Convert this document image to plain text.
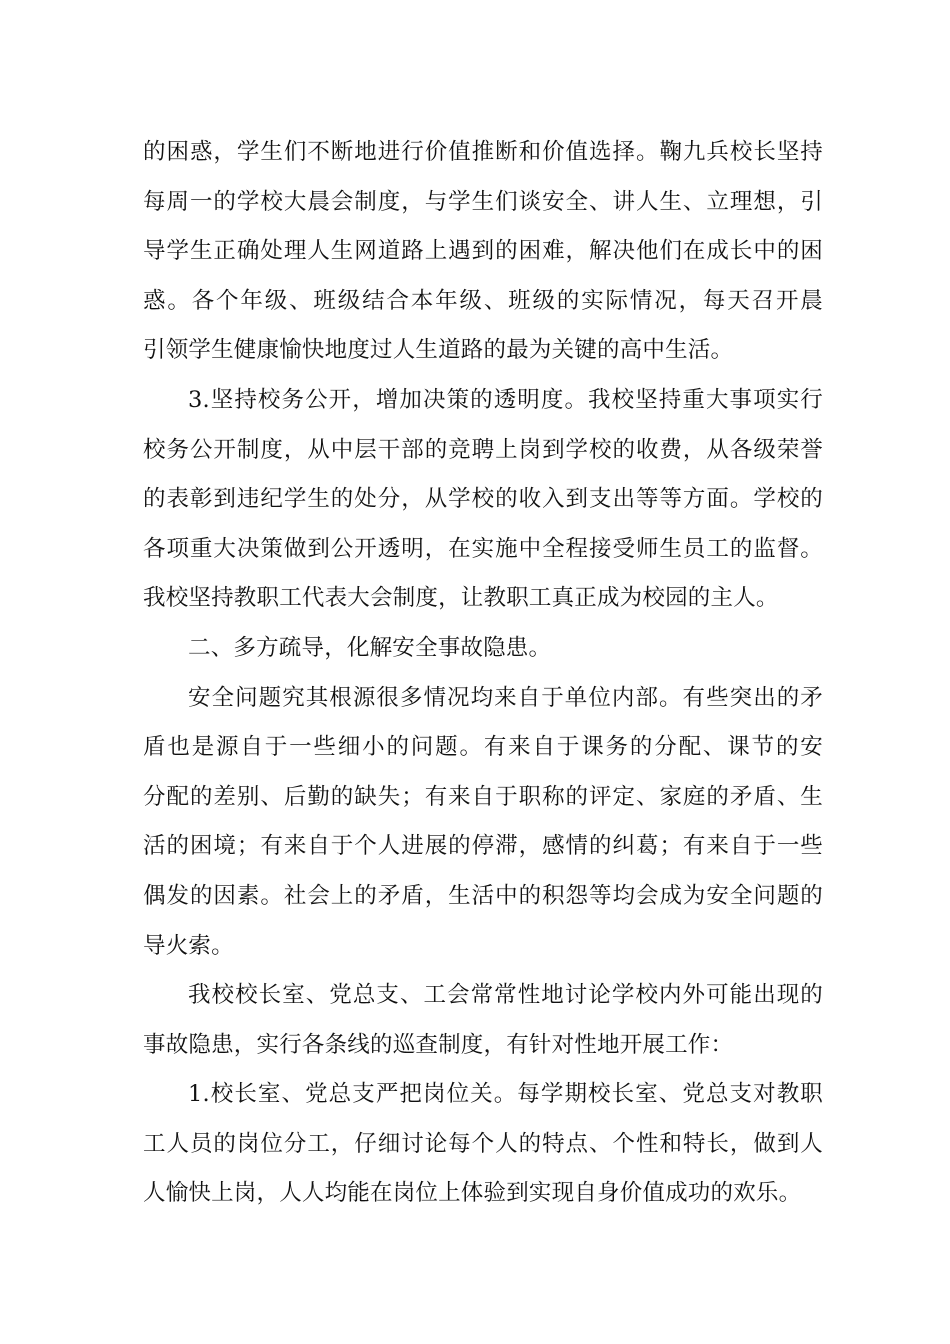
的困惑，学生们不断地进行价值推断和价值选择。鞠九兵校长坚持
每周一的学校大晨会制度，与学生们谈安全、讲人生、立理想，引
导学生正确处理人生网道路上遇到的困难，解决他们在成长中的困
惑。各个年级、班级结合本年级、班级的实际情况，每天召开晨
引领学生健康愉快地度过人生道路的最为关键的高中生活。
3.坚持校务公开，增加决策的透明度。我校坚持重大事项实行
校务公开制度，从中层干部的竞聘上岗到学校的收费，从各级荣誉
的表彰到违纪学生的处分，从学校的收入到支出等等方面。学校的
各项重大决策做到公开透明，在实施中全程接受师生员工的监督。
我校坚持教职工代表大会制度，让教职工真正成为校园的主人。
二、多方疏导，化解安全事故隐患。
安全问题究其根源很多情况均来自于单位内部。有些突出的矛
盾也是源自于一些细小的问题。有来自于课务的分配、课节的安
分配的差别、后勤的缺失；有来自于职称的评定、家庭的矛盾、生
活的困境；有来自于个人进展的停滞，感情的纠葛；有来自于一些
偶发的因素。社会上的矛盾，生活中的积怨等均会成为安全问题的
导火索。
我校校长室、党总支、工会常常性地讨论学校内外可能出现的
事故隐患，实行各条线的巡查制度，有针对性地开展工作：
1.校长室、党总支严把岗位关。每学期校长室、党总支对教职
工人员的岗位分工，仔细讨论每个人的特点、个性和特长，做到人
人愉快上岗，人人均能在岗位上体验到实现自身价值成功的欢乐。
